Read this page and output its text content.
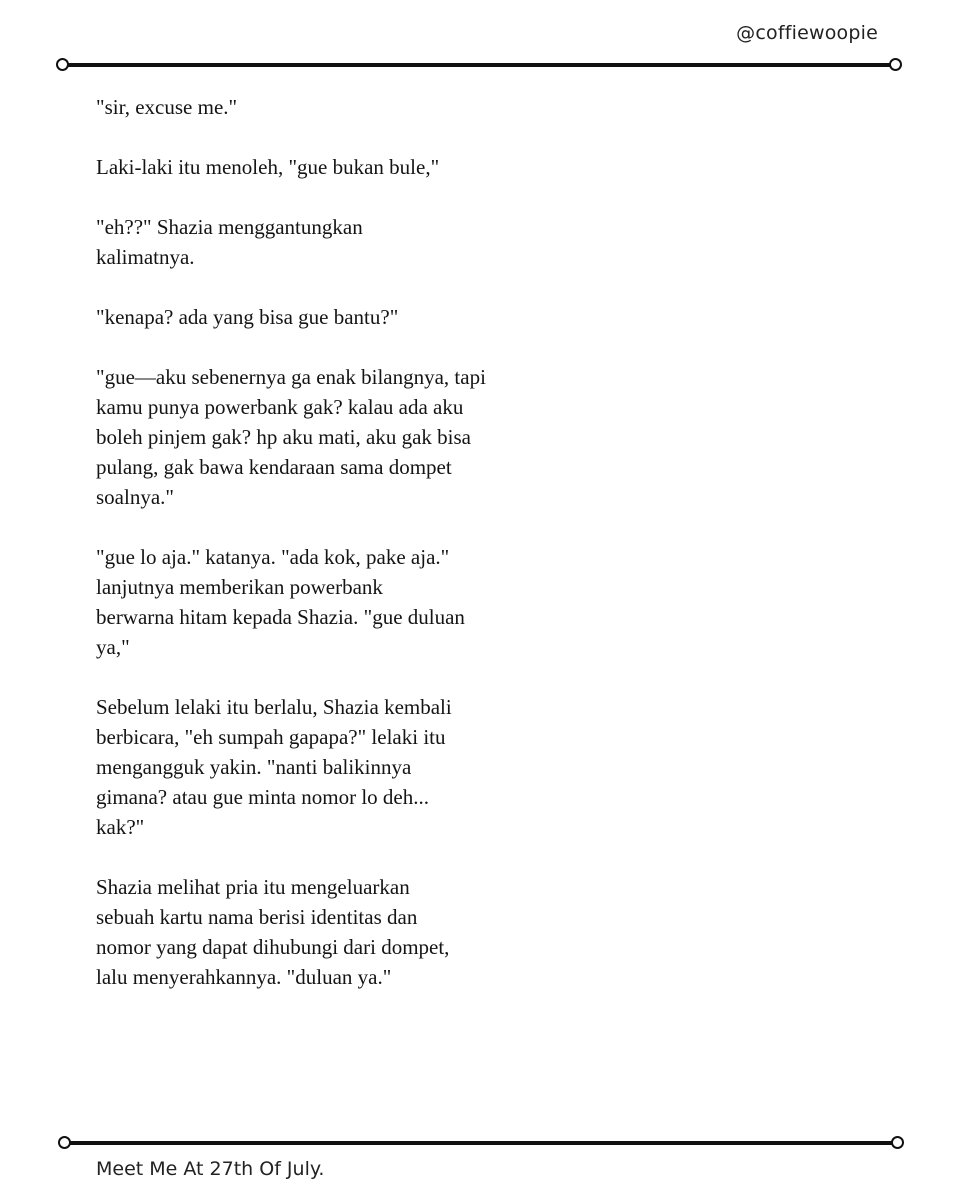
@coffiewoopie

"sir, excuse me."

Laki-laki itu menoleh, "gue bukan bule,"

"eh??" Shazia menggantungkan kalimatnya.

"kenapa? ada yang bisa gue bantu?"

"gue—aku sebenernya ga enak bilangnya, tapi kamu punya powerbank gak? kalau ada aku boleh pinjem gak? hp aku mati, aku gak bisa pulang, gak bawa kendaraan sama dompet soalnya."

"gue lo aja." katanya. "ada kok, pake aja." lanjutnya memberikan powerbank berwarna hitam kepada Shazia. "gue duluan ya,"

Sebelum lelaki itu berlalu, Shazia kembali berbicara, "eh sumpah gapapa?" lelaki itu mengangguk yakin. "nanti balikinnya gimana? atau gue minta nomor lo deh... kak?"

Shazia melihat pria itu mengeluarkan sebuah kartu nama berisi identitas dan nomor yang dapat dihubungi dari dompet, lalu menyerahkannya. "duluan ya."

Meet Me At 27th Of July.
